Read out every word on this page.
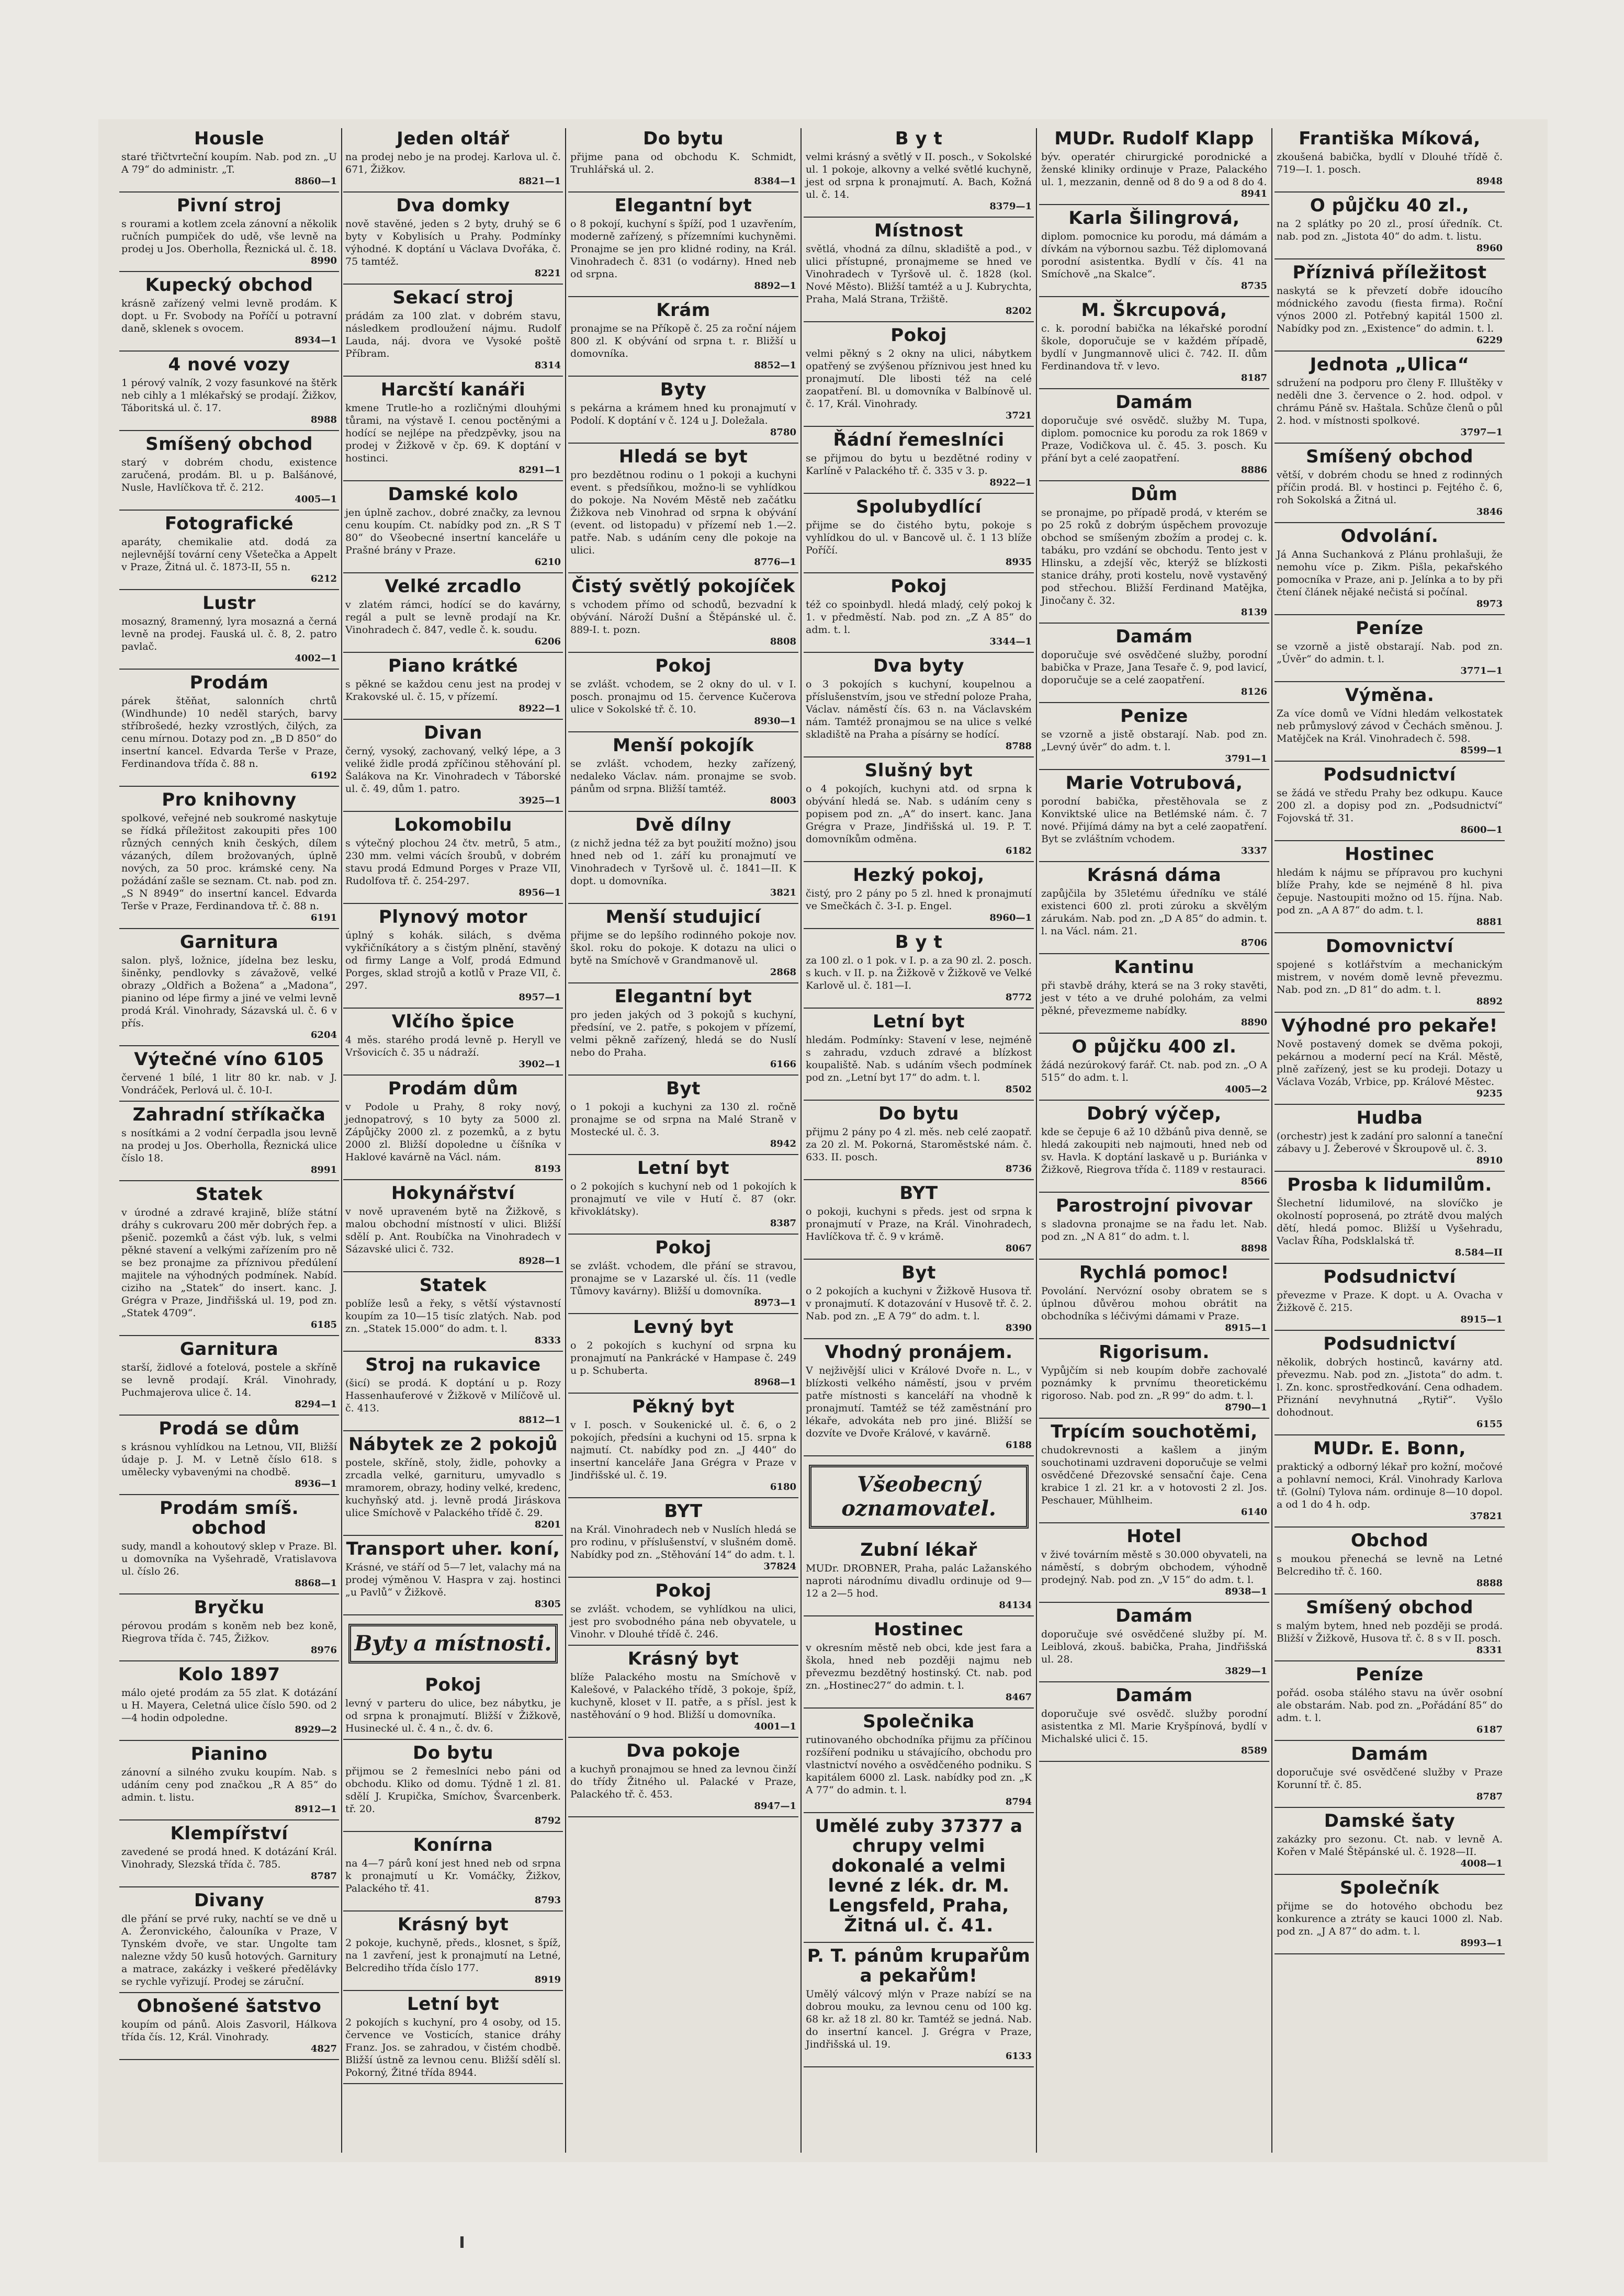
Housle

staré třičtvrteční koupím. Nab. pod zn. „U A 79“ do administr. „T.

8860—1
Pivní stroj

s rourami a kotlem zcela zánovní a několik ručních pumpiček do udě, vše levně na prodej u Jos. Oberholla, Řeznická ul. č. 18.

8990
Kupecký obchod

krásně zařízený velmi levně prodám. K dopt. u Fr. Svobody na Poříčí u potravní daně, sklenek s ovocem.

8934—1
4 nové vozy

1 pérový valník, 2 vozy fasunkové na štěrk neb cihly a 1 mlékařský se prodají. Žižkov, Táboritská ul. č. 17.

8988
Smíšený obchod

starý v dobrém chodu, existence zaručená, prodám. Bl. u p. Balšánové, Nusle, Havlíčkova tř. č. 212.

4005—1
Fotografické

aparáty, chemikalie atd. dodá za nejlevnější tovární ceny Všetečka a Appelt v Praze, Žitná ul. č. 1873-II, 55 n.

6212
Lustr

mosazný, 8ramenný, lyra mosazná a černá levně na prodej. Fauská ul. č. 8, 2. patro pavlač.

4002—1
Prodám

párek štěňat, salonních chrtů (Windhunde) 10 neděl starých, barvy stříbrošedé, hezky vzrostlých, čilých, za cenu mírnou. Dotazy pod zn. „B D 850“ do insertní kancel. Edvarda Terše v Praze, Ferdinandova třída č. 88 n.

6192
Pro knihovny

spolkové, veřejné neb soukromé naskytuje se řídká příležitost zakoupiti přes 100 různých cenných knih českých, dílem vázaných, dílem brožovaných, úplně nových, za 50 proc. krámské ceny. Na požádání zašle se seznam. Ct. nab. pod zn. „S N 8949“ do insertní kancel. Edvarda Terše v Praze, Ferdinandova tř. č. 88 n.

6191
Garnitura

salon. plyš, ložnice, jídelna bez lesku, šiněnky, pendlovky s závažově, velké obrazy „Oldřich a Božena“ a „Madona“, pianino od lépe firmy a jiné ve velmi levně prodá Král. Vinohrady, Sázavská ul. č. 6 v přís.

6204
Výtečné víno 6105

červené 1 bílé, 1 litr 80 kr. nab. v J. Vondráček, Perlová ul. č. 10-I.

Zahradní stříkačka

s nosítkámi a 2 vodní čerpadla jsou levně na prodej u Jos. Oberholla, Řeznická ulice číslo 18.

8991
Statek

v úrodné a zdravé krajině, blíže státní dráhy s cukrovaru 200 měr dobrých řep. a pšenič. pozemků a část výb. luk, s velmi pěkné stavení a velkými zařízením pro ně se bez pronajme za příznivou předúlení majitele na výhodných podmínek. Nabíd. ciziho na „Statek“ do insert. kanc. J. Grégra v Praze, Jindřišská ul. 19, pod zn. „Statek 4709“.

6185
Garnitura

starší, židlové a fotelová, postele a skříně se levně prodají. Král. Vinohrady, Puchmajerova ulice č. 14.

8294—1
Prodá se dům

s krásnou vyhlídkou na Letnou, VII, Bližší údaje p. J. M. v Letně číslo 618. s umělecky vybavenými na chodbě.

8936—1
Prodám smíš. obchod

sudy, mandl a kohoutový sklep v Praze. Bl. u domovníka na Vyšehradě, Vratislavova ul. číslo 26.

8868—1
Bryčku

pérovou prodám s koněm neb bez koně, Riegrova třída č. 745, Žižkov.

8976
Kolo 1897

málo ojeté prodám za 55 zlat. K dotázání u H. Mayera, Celetná ulice číslo 590. od 2—4 hodin odpoledne.

8929—2
Pianino

zánovní a silného zvuku koupím. Nab. s udáním ceny pod značkou „R A 85“ do admin. t. listu.

8912—1
Klempířství

zavedené se prodá hned. K dotázání Král. Vinohrady, Slezská třída č. 785.

8787
Divany

dle přání se prvé ruky, nachtí se ve dně u A. Žeronvického, čalouníka v Praze, V Tynském dvoře, ve star. Ungolte tam nalezne vždy 50 kusů hotových. Garnitury a matrace, zakázky i veškeré předělávky se rychle vyřizují. Prodej se záruční.

Obnošené šatstvo

koupím od pánů. Alois Zasvoril, Hálkova třída čís. 12, Král. Vinohrady.

4827
Jeden oltář

na prodej nebo je na prodej. Karlova ul. č. 671, Žižkov.

8821—1
Dva domky

nově stavěné, jeden s 2 byty, druhý se 6 byty v Kobylisích u Prahy. Podmínky výhodné. K doptání u Václava Dvořáka, č. 75 tamtéž.

8221
Sekací stroj

prádám za 100 zlat. v dobrém stavu, následkem prodloužení nájmu. Rudolf Lauda, náj. dvora ve Vysoké poště Příbram.

8314
Harcští kanáři

kmene Trutle-ho a rozličnými dlouhými tůrami, na výstavě I. cenou poctěnými a hodící se nejlépe na předzpěvky, jsou na prodej v Žižkově v čp. 69. K doptání v hostinci.

8291—1
Damské kolo

jen úplně zachov., dobré značky, za levnou cenu koupím. Ct. nabídky pod zn. „R S T 80“ do Všeobecné insertní kanceláře u Prašné brány v Praze.

6210
Velké zrcadlo

v zlatém rámci, hodící se do kavárny, regál a pult se levně prodají na Kr. Vinohradech č. 847, vedle č. k. soudu.

6206
Piano krátké

s pěkné se každou cenu jest na prodej v Krakovské ul. č. 15, v přízemí.

8922—1
Divan

černý, vysoký, zachovaný, velký lépe, a 3 veliké židle prodá zpříčinou stěhování pl. Šalákova na Kr. Vinohradech v Táborské ul. č. 49, dům 1. patro.

3925—1
Lokomobilu

s výtečný plochou 24 čtv. metrů, 5 atm., 230 mm. velmi vácích šroubů, v dobrém stavu prodá Edmund Porges v Praze VII, Rudolfova tř. č. 254-297.

8956—1
Plynový motor

úplný s kohák. silách, s dvěma vykřičníkátory a s čistým plnění, stavěný od firmy Lange a Volf, prodá Edmund Porges, sklad strojů a kotlů v Praze VII, č. 297.

8957—1
Vlčího špice

4 měs. starého prodá levně p. Heryll ve Vršovicích č. 35 u nádraží.

3902—1
Prodám dům

v Podole u Prahy, 8 roky nový, jednopatrový, s 10 byty za 5000 zl. Zápůjčky 2000 zl. z pozemků, a z bytu 2000 zl. Bližší dopoledne u číšníka v Haklové kavárně na Václ. nám.

8193
Hokynářství

v nově upraveném bytě na Žižkově, s malou obchodní místností v ulici. Bližší sdělí p. Ant. Roubíčka na Vinohradech v Sázavské ulici č. 732.

8928—1
Statek

poblíže lesů a řeky, s větší výstavností koupím za 10—15 tisíc zlatých. Nab. pod zn. „Statek 15.000“ do adm. t. l.

8333
Stroj na rukavice

(šicí) se prodá. K doptání u p. Rozy Hassenhauferové v Žižkově v Milíčově ul. č. 413.

8812—1
Nábytek ze 2 pokojů

postele, skříně, stoly, židle, pohovky a zrcadla velké, garnituru, umyvadlo s mramorem, obrazy, hodiny velké, kredenc, kuchyňský atd. j. levně prodá Jiráskova ulice Smíchově v Palackého třídě č. 29.

8201
Transport uher. koní,

Krásné, ve stáří od 5—7 let, valachy má na prodej výměnou V. Haspra v zaj. hostinci „u Pavlů“ v Žižkově.

8305
Byty a místnosti.
Pokoj

levný v parteru do ulice, bez nábytku, je od srpna k pronajmutí. Bližší v Žižkově, Husinecké ul. č. 4 n., č. dv. 6.

Do bytu

přijmou se 2 řemeslníci nebo páni od obchodu. Kliko od domu. Týdně 1 zl. 81. sdělí J. Krupička, Smíchov, Švarcenberk. tř. 20.

8792
Konírna

na 4—7 párů koní jest hned neb od srpna k pronajmutí u Kr. Vomáčky, Žižkov, Palackého tř. 41.

8793
Krásný byt

2 pokoje, kuchyně, předs., klosnet, s špíž, na 1 zavření, jest k pronajmutí na Letné, Belcrediho třída číslo 177.

8919
Letní byt

2 pokojích s kuchyní, pro 4 osoby, od 15. července ve Vosticích, stanice dráhy Franz. Jos. se zahradou, v čistém chodbě. Bližší ústně za levnou cenu. Bližší sdělí sl. Pokorný, Žitné třída 8944.

Do bytu

přijme pana od obchodu K. Schmidt, Truhlářská ul. 2.

8384—1
Elegantní byt

o 8 pokojí, kuchyní s špíží, pod 1 uzavřením, moderně zařízený, s přízemními kuchyněmi. Pronajme se jen pro klidné rodiny, na Král. Vinohradech č. 831 (o vodárny). Hned neb od srpna.

8892—1
Krám

pronajme se na Příkopě č. 25 za roční nájem 800 zl. K obývání od srpna t. r. Bližší u domovníka.

8852—1
Byty

s pekárna a krámem hned ku pronajmutí v Podolí. K doptání v č. 124 u J. Doležala.

8780
Hledá se byt

pro bezdětnou rodinu o 1 pokoji a kuchyni event. s předsíňkou, možno-li se vyhlídkou do pokoje. Na Novém Městě neb začátku Žižkova neb Vinohrad od srpna k obývání (event. od listopadu) v přízemí neb 1.—2. patře. Nab. s udáním ceny dle pokoje na ulici.

8776—1
Čistý světlý pokojíček

s vchodem přímo od schodů, bezvadní k obývání. Nároží Dušní a Štěpánské ul. č. 889-I. t. pozn.

8808
Pokoj

se zvlášt. vchodem, se 2 okny do ul. v I. posch. pronajmu od 15. července Kučerova ulice v Sokolské tř. č. 10.

8930—1
Menší pokojík

se zvlášt. vchodem, hezky zařízený, nedaleko Václav. nám. pronajme se svob. pánům od srpna. Bližší tamtéž.

8003
Dvě dílny

(z nichž jedna též za byt použití možno) jsou hned neb od 1. září ku pronajmutí ve Vinohradech v Tyršově ul. č. 1841—II. K dopt. u domovníka.

3821
Menší studujicí

přijme se do lepšího rodinného pokoje nov. škol. roku do pokoje. K dotazu na ulici o bytě na Smíchově v Grandmanově ul.

2868
Elegantní byt

pro jeden jakých od 3 pokojů s kuchyní, předsíní, ve 2. patře, s pokojem v přízemí, velmi pěkně zařízený, hledá se do Nuslí nebo do Praha.

6166
Byt

o 1 pokoji a kuchyni za 130 zl. ročně pronajme se od srpna na Malé Straně v Mostecké ul. č. 3.

8942
Letní byt

o 2 pokojích s kuchyní neb od 1 pokojích k pronajmutí ve vile v Hutí č. 87 (okr. křivoklátsky).

8387
Pokoj

se zvlášt. vchodem, dle přání se stravou, pronajme se v Lazarské ul. čís. 11 (vedle Tůmovy kavárny). Bližší u domovníka.

8973—1
Levný byt

o 2 pokojích s kuchyní od srpna ku pronajmutí na Pankrácké v Hampase č. 249 u p. Schuberta.

8968—1
Pěkný byt

v I. posch. v Soukenické ul. č. 6, o 2 pokojích, předsíni a kuchyni od 15. srpna k najmutí. Ct. nabídky pod zn. „J 440“ do insertní kanceláře Jana Grégra v Praze v Jindřišské ul. č. 19.

6180
BYT

na Král. Vinohradech neb v Nuslích hledá se pro rodinu, v příslušenství, v slušném domě. Nabídky pod zn. „Stěhování 14“ do adm. t. l.

37824
Pokoj

se zvlášt. vchodem, se vyhlídkou na ulici, jest pro svobodného pána neb obyvatele, u Vinohr. v Dlouhé třídě č. 246.

Krásný byt

blíže Palackého mostu na Smíchově v Kalešové, v Palackého třídě, 3 pokoje, špíž, kuchyně, kloset v II. patře, a s přísl. jest k nastěhování o 9 hod. Bližší u domovníka.

4001—1
Dva pokoje

a kuchyň pronajmou se hned za levnou činží do třídy Žitného ul. Palacké v Praze, Palackého tř. č. 453.

8947—1
B y t

velmi krásný a světlý v II. posch., v Sokolské ul. 1 pokoje, alkovny a velké světlé kuchyně, jest od srpna k pronajmutí. A. Bach, Kožná ul. č. 14.

8379—1
Místnost

světlá, vhodná za dílnu, skladiště a pod., v ulici přístupné, pronajmeme se hned ve Vinohradech v Tyršově ul. č. 1828 (kol. Nové Město). Bližší tamtéž a u J. Kubrychta, Praha, Malá Strana, Tržiště.

8202
Pokoj

velmi pěkný s 2 okny na ulici, nábytkem opatřený se zvýšenou příznivou jest hned ku pronajmutí. Dle libosti též na celé zaopatření. Bl. u domovníka v Balbínově ul. č. 17, Král. Vinohrady.

3721
Řádní řemeslníci

se přijmou do bytu u bezdětné rodiny v Karlíně v Palackého tř. č. 335 v 3. p.

8922—1
Spolubydlící

přijme se do čistého bytu, pokoje s vyhlídkou do ul. v Bancově ul. č. 1 13 blíže Poříčí.

8935
Pokoj

též co spoinbydl. hledá mladý, celý pokoj k 1. v předměstí. Nab. pod zn. „Z A 85“ do adm. t. l.

3344—1
Dva byty

o 3 pokojích s kuchyní, koupelnou a příslušenstvím, jsou ve střední poloze Praha, Václav. náměstí čís. 63 n. na Václavském nám. Tamtéž pronajmou se na ulice s velké skladiště na Praha a písárny se hodící.

8788
Slušný byt

o 4 pokojích, kuchyni atd. od srpna k obývání hledá se. Nab. s udáním ceny s popisem pod zn. „A“ do insert. kanc. Jana Grégra v Praze, Jindřišská ul. 19. P. T. domovníkům odměna.

6182
Hezký pokoj,

čistý, pro 2 pány po 5 zl. hned k pronajmutí ve Smečkách č. 3-I. p. Engel.

8960—1
B y t

za 100 zl. o 1 pok. v I. p. a za 90 zl. 2. posch. s kuch. v II. p. na Žižkově v Žižkově ve Velké Karlově ul. č. 181—I.

8772
Letní byt

hledám. Podmínky: Stavení v lese, nejméně s zahradu, vzduch zdravé a blízkost koupaliště. Nab. s udáním všech podmínek pod zn. „Letní byt 17“ do adm. t. l.

8502
Do bytu

přijmu 2 pány po 4 zl. měs. neb celé zaopatř. za 20 zl. M. Pokorná, Staroměstské nám. č. 633. II. posch.

8736
BYT

o pokoji, kuchyni s předs. jest od srpna k pronajmutí v Praze, na Král. Vinohradech, Havlíčkova tř. č. 9 v krámě.

8067
Byt

o 2 pokojích a kuchyni v Žižkově Husova tř. v pronajmutí. K dotazování v Husově tř. č. 2. Nab. pod zn. „E A 79“ do adm. t. l.

8390
Vhodný pronájem.

V nejživější ulici v Králové Dvoře n. L., v blízkosti velkého náměstí, jsou v prvém patře místnosti s kanceláří na vhodně k pronajmutí. Tamtéž se též zaměstnání pro lékaře, advokáta neb pro jiné. Bližší se dozvíte ve Dvoře Králové, v kavárně.

6188
Všeobecný oznamovatel.
Zubní lékař

MUDr. DROBNER, Praha, palác Lažanského naproti národnímu divadlu ordinuje od 9—12 a 2—5 hod.

84134
Hostinec

v okresním městě neb obci, kde jest fara a škola, hned neb později najmu neb převezmu bezdětný hostinský. Ct. nab. pod zn. „Hostinec27“ do admin. t. l.

8467
Společnika

rutinovaného obchodníka přijmu za příčinou rozšíření podniku u stávajícího, obchodu pro vlastnictví nového a osvědčeného podniku. S kapitálem 6000 zl. Lask. nabídky pod zn. „K A 77“ do admin. t. l.

8794
Umělé zuby 37377 a chrupy velmi dokonalé a velmi levné z lék. dr. M. Lengsfeld, Praha, Žitná ul. č. 41.

P. T. pánům krupařům a pekařům!

Umělý válcový mlýn v Praze nabízí se na dobrou mouku, za levnou cenu od 100 kg. 68 kr. až 18 zl. 80 kr. Tamtéž se jedná. Nab. do insertní kancel. J. Grégra v Praze, Jindřišská ul. 19.

6133
MUDr. Rudolf Klapp

býv. operatér chirurgické porodnické a ženské kliniky ordinuje v Praze, Palackého ul. 1, mezzanin, denně od 8 do 9 a od 8 do 4.

8941
Karla Šilingrová,

diplom. pomocnice ku porodu, má dámám a dívkám na výbornou sazbu. Též diplomovaná porodní asistentka. Bydlí v čís. 41 na Smíchově „na Skalce“.

8735
M. Škrcupová,

c. k. porodní babička na lékařské porodní škole, doporučuje se v každém případě, bydlí v Jungmannově ulici č. 742. II. dům Ferdinandova tř. v levo.

8187
Damám

doporučuje své osvědč. služby M. Tupa, diplom. pomocnice ku porodu za rok 1869 v Praze, Vodičkova ul. č. 45. 3. posch. Ku přání byt a celé zaopatření.

8886
Dům

se pronajme, po případě prodá, v kterém se po 25 roků z dobrým úspěchem provozuje obchod se smíšeným zbožím a prodej c. k. tabáku, pro vzdání se obchodu. Tento jest v Hlinsku, a zdejší věc, kterýž se blízkosti stanice dráhy, proti kostelu, nově vystavěný pod střechou. Bližší Ferdinand Matějka, Jinočany č. 32.

8139
Damám

doporučuje své osvědčené služby, porodní babička v Praze, Jana Tesaře č. 9, pod lavicí, doporučuje se a celé zaopatření.

8126
Penize

se vzorně a jistě obstarají. Nab. pod zn. „Levný úvěr“ do adm. t. l.

3791—1
Marie Votrubová,

porodní babička, přestěhovala se z Konviktské ulice na Betlémské nám. č. 7 nové. Přijímá dámy na byt a celé zaopatření. Byt se zvláštním vchodem.

3337
Krásná dáma

zapůjčila by 35letému úředníku ve stálé existenci 600 zl. proti zúroku a skvělým zárukám. Nab. pod zn. „D A 85“ do admin. t. l. na Václ. nám. 21.

8706
Kantinu

při stavbě dráhy, která se na 3 roky stavěti, jest v této a ve druhé polohám, za velmi pěkné, převezmeme nabídky.

8890
O půjčku 400 zl.

žádá nezúrokový farář. Ct. nab. pod zn. „O A 515“ do adm. t. l.

4005—2
Dobrý výčep,

kde se čepuje 6 až 10 džbánů piva denně, se hledá zakoupiti neb najmouti, hned neb od sv. Havla. K doptání laskavě u p. Buriánka v Žižkově, Riegrova třída č. 1189 v restauraci.

8566
Parostrojní pivovar

s sladovna pronajme se na řadu let. Nab. pod zn. „N A 81“ do adm. t. l.

8898
Rychlá pomoc!

Povolání. Nervózní osoby obratem se s úplnou důvěrou mohou obrátit na obchodníka s léčivými dámami v Praze.

8915—1
Rigorisum.

Vypůjčím si neb koupím dobře zachovalé poznámky k prvnímu theoretickému rigoroso. Nab. pod zn. „R 99“ do adm. t. l.

8790—1
Trpícím souchotěmi,

chudokrevnosti a kašlem a jiným souchotinami uzdraveni doporučuje se velmi osvědčené Dřezovské sensační čaje. Cena krabice 1 zl. 21 kr. a v hotovosti 2 zl. Jos. Peschauer, Mühlheim.

6140
Hotel

v živé továrním městě s 30.000 obyvateli, na náměstí, s dobrým obchodem, výhodně prodejný. Nab. pod zn. „V 15“ do adm. t. l.

8938—1
Damám

doporučuje své osvědčené služby pí. M. Leiblová, zkouš. babička, Praha, Jindřišská ul. 28.

3829—1
Damám

doporučuje své osvědč. služby porodní asistentka z Ml. Marie Kryšpínová, bydlí v Michalské ulici č. 15.

8589
Františka Míková,

zkoušená babička, bydlí v Dlouhé třídě č. 719—I. 1. posch.

8948
O půjčku 40 zl.,

na 2 splátky po 20 zl., prosí úředník. Ct. nab. pod zn. „Jistota 40“ do adm. t. listu.

8960
Příznivá příležitost

naskytá se k převzetí dobře idoucího módnického zavodu (fiesta firma). Roční výnos 2000 zl. Potřebný kapitál 1500 zl. Nabídky pod zn. „Existence“ do admin. t. l.

6229
Jednota „Ulica“

sdružení na podporu pro členy F. Illuštěky v neděli dne 3. července o 2. hod. odpol. v chrámu Páně sv. Haštala. Schůze členů o půl 2. hod. v místnosti spolkové.

3797—1
Smíšený obchod

větší, v dobrém chodu se hned z rodinných příčin prodá. Bl. v hostinci p. Fejtého č. 6, roh Sokolská a Žitná ul.

3846
Odvolání.

Já Anna Suchanková z Plánu prohlašuji, že nemohu více p. Zikm. Pišla, pekařského pomocníka v Praze, ani p. Jelínka a to by při čtení článek nějaké nečistá si počínal.

8973
Peníze

se vzorně a jistě obstarají. Nab. pod zn. „Úvěr“ do admin. t. l.

3771—1
Výměna.

Za více domů ve Vídni hledám velkostatek neb průmyslový závod v Čechách směnou. J. Matějček na Král. Vinohradech č. 598.

8599—1
Podsudnictví

se žádá ve středu Prahy bez odkupu. Kauce 200 zl. a dopisy pod zn. „Podsudnictví“ Fojovská tř. 31.

8600—1
Hostinec

hledám k nájmu se přípravou pro kuchyni blíže Prahy, kde se nejméně 8 hl. piva čepuje. Nastoupiti možno od 15. října. Nab. pod zn. „A A 87“ do adm. t. l.

8881
Domovnictví

spojené s kotlářstvím a mechanickým mistrem, v novém domě levně převezmu. Nab. pod zn. „D 81“ do adm. t. l.

8892
Výhodné pro pekaře!

Nově postavený domek se dvěma pokoji, pekárnou a moderní pecí na Král. Městě, plně zařízený, jest se ku prodeji. Dotazy u Václava Vozáb, Vrbice, pp. Králové Městec.

9235
Hudba

(orchestr) jest k zadání pro salonní a taneční zábavy u J. Žeberové v Škroupově ul. č. 3.

8910
Prosba k lidumilům.

Šlechetní lidumilové, na slovíčko je okolností poprosená, po ztrátě dvou malých dětí, hledá pomoc. Bližší u Vyšehradu, Vaclav Říha, Podsklalská tř.

8.584—II
Podsudnictví

převezme v Praze. K dopt. u A. Ovacha v Žižkově č. 215.

8915—1
Podsudnictví

několik, dobrých hostinců, kavárny atd. převezmu. Nab. pod zn. „Jistota“ do adm. t. l. Zn. konc. sprostředkování. Cena odhadem. Přiznání nevyhnutná „Rytiř“. Vyšlo dohodnout.

6155
MUDr. E. Bonn,

praktický a odborný lékař pro kožní, močové a pohlavní nemoci, Král. Vinohrady Karlova tř. (Golní) Tylova nám. ordinuje 8—10 dopol. a od 1 do 4 h. odp.

37821
Obchod

s moukou přenechá se levně na Letné Belcrediho tř. č. 160.

8888
Smíšený obchod

s malým bytem, hned neb později se prodá. Bližší v Žižkově, Husova tř. č. 8 s v II. posch.

8331
Peníze

pořád. osoba stálého stavu na úvěr osobní ale obstarám. Nab. pod zn. „Pořádání 85“ do adm. t. l.

6187
Damám

doporučuje své osvědčené služby v Praze Korunní tř. č. 85.

8787
Damské šaty

zakázky pro sezonu. Ct. nab. v levně A. Kořen v Malé Štěpánské ul. č. 1928—II.

4008—1
Společník

přijme se do hotového obchodu bez konkurence a ztráty se kauci 1000 zl. Nab. pod zn. „J A 87“ do adm. t. l.

8993—1
